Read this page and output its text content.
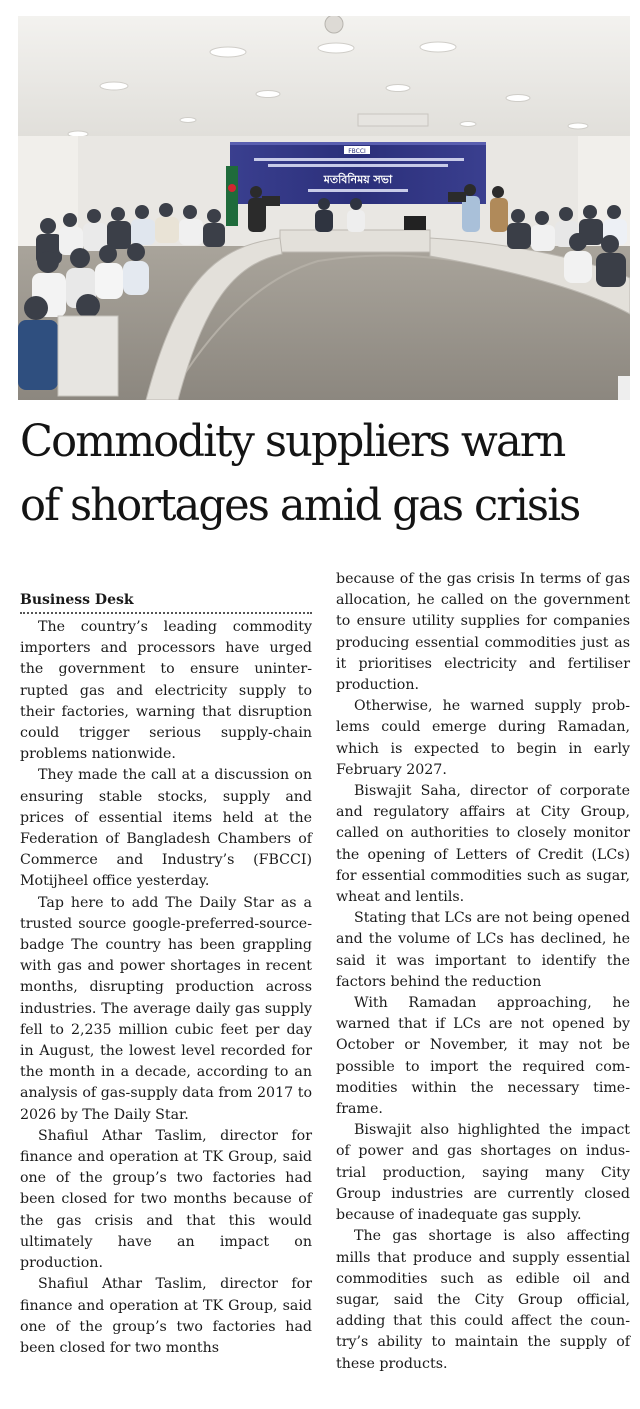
FBCCI
মতবিনিময় সভা
Commodity suppliers warn of shortages amid gas crisis
Business Desk

The country’s leading commodity importers and processors have urged the government to ensure uninterrupted gas and electricity supply to their factories, warning that disruption could trigger serious supply-chain problems nationwide.

They made the call at a discussion on ensuring stable stocks, supply and prices of essential items held at the Federation of Bangladesh Chambers of Commerce and Industry’s (FBCCI) Motijheel office yesterday.

Tap here to add The Daily Star as a trusted source google-preferred-source-badge The country has been grappling with gas and power shortages in recent months, disrupting production across industries. The average daily gas supply fell to 2,235 million cubic feet per day in August, the lowest level recorded for the month in a decade, according to an analysis of gas-supply data from 2017 to 2026 by The Daily Star.

Shafiul Athar Taslim, director for finance and operation at TK Group, said one of the group’s two factories had been closed for two months because of the gas crisis and that this would ultimately have an impact on production.

Shafiul Athar Taslim, director for finance and operation at TK Group, said one of the group’s two factories had been closed for two months

because of the gas crisis In terms of gas allocation, he called on the government to ensure utility supplies for companies producing essential commodities just as it prioritises electricity and fertiliser production.

Otherwise, he warned supply problems could emerge during Ramadan, which is expected to begin in early February 2027.

Biswajit Saha, director of corporate and regulatory affairs at City Group, called on authorities to closely monitor the opening of Letters of Credit (LCs) for essential commodities such as sugar, wheat and lentils.

Stating that LCs are not being opened and the volume of LCs has declined, he said it was important to identify the factors behind the reduction

With Ramadan approaching, he warned that if LCs are not opened by October or November, it may not be possible to import the required commodities within the necessary timeframe.

Biswajit also highlighted the impact of power and gas shortages on industrial production, saying many City Group industries are currently closed because of inadequate gas supply.

The gas shortage is also affecting mills that produce and supply essential commodities such as edible oil and sugar, said the City Group official, adding that this could affect the country’s ability to maintain the supply of these products.
